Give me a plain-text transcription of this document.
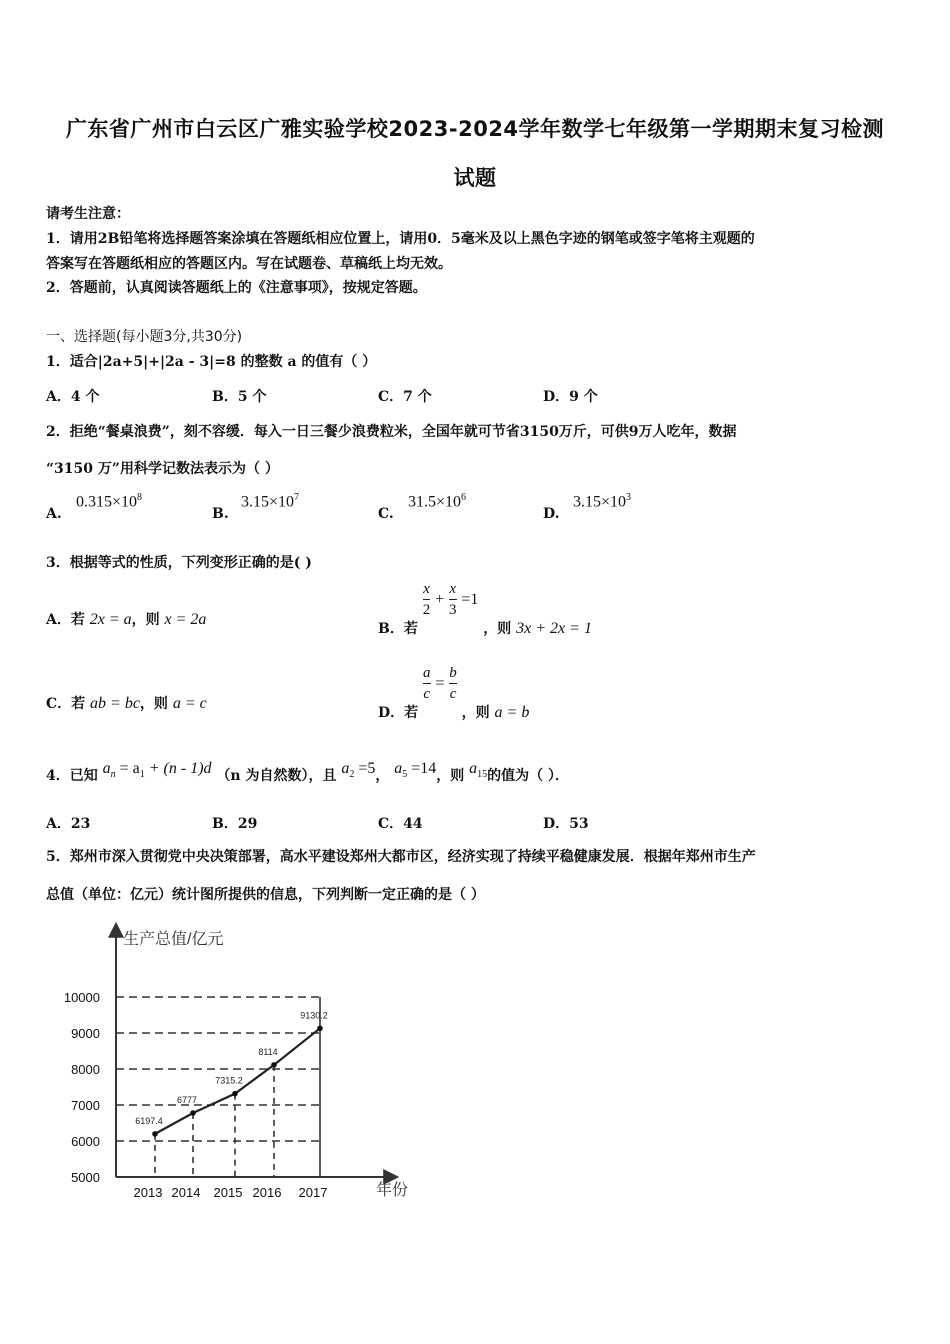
广东省广州市白云区广雅实验学校2023-2024学年数学七年级第一学期期末复习检测
试题
请考生注意：
1．请用2B铅笔将选择题答案涂填在答题纸相应位置上，请用0．5毫米及以上黑色字迹的钢笔或签字笔将主观题的
答案写在答题纸相应的答题区内。写在试题卷、草稿纸上均无效。
2．答题前，认真阅读答题纸上的《注意事项》，按规定答题。
一、选择题(每小题3分,共30分)
1．适合|2a+5|+|2a - 3|=8 的整数 a 的值有（ ）
A．4 个	B．5 个	C．7 个	D．9 个
2．拒绝“餐桌浪费”，刻不容缓．每入一日三餐少浪费粒米，全国年就可节省3150万斤，可供9万人吃年，数据
“3150 万”用科学记数法表示为（ ）
A.
$0.315\times 10^8$
B.
$3.15\times 10^7$
C.
$31.5\times 10^6$
D.
$3.15\times 10^3$
3．根据等式的性质，下列变形正确的是( )
A．若 2x = a，则 x = 2a
B．若
$\frac{x}{2} + \frac{x}{3} =1$ ，则 3x + 2x = 1
C．若 ab = bc，则 a = c
D．若
$\frac{a}{c} = \frac{b}{c}$
，则 a = b
4．已知 $a_n = a_1 + (n - 1)d$ （n 为自然数），且 $a_2 =5$， $a_5 =14$，则 $a_{15}$的值为（ ）．
A．23	B．29	C．44	D．53
5．郑州市深入贯彻党中央决策部署，高水平建设郑州大都市区，经济实现了持续平稳健康发展．根据年郑州市生产
总值（单位：亿元）统计图所提供的信息，下列判断一定正确的是（ ）
生产总值/亿元
年份
5000
6000
7000
8000
9000
10000
2013 2014 2015 2016 2017
6197.4
6777
7315.2
8114
9130.2
